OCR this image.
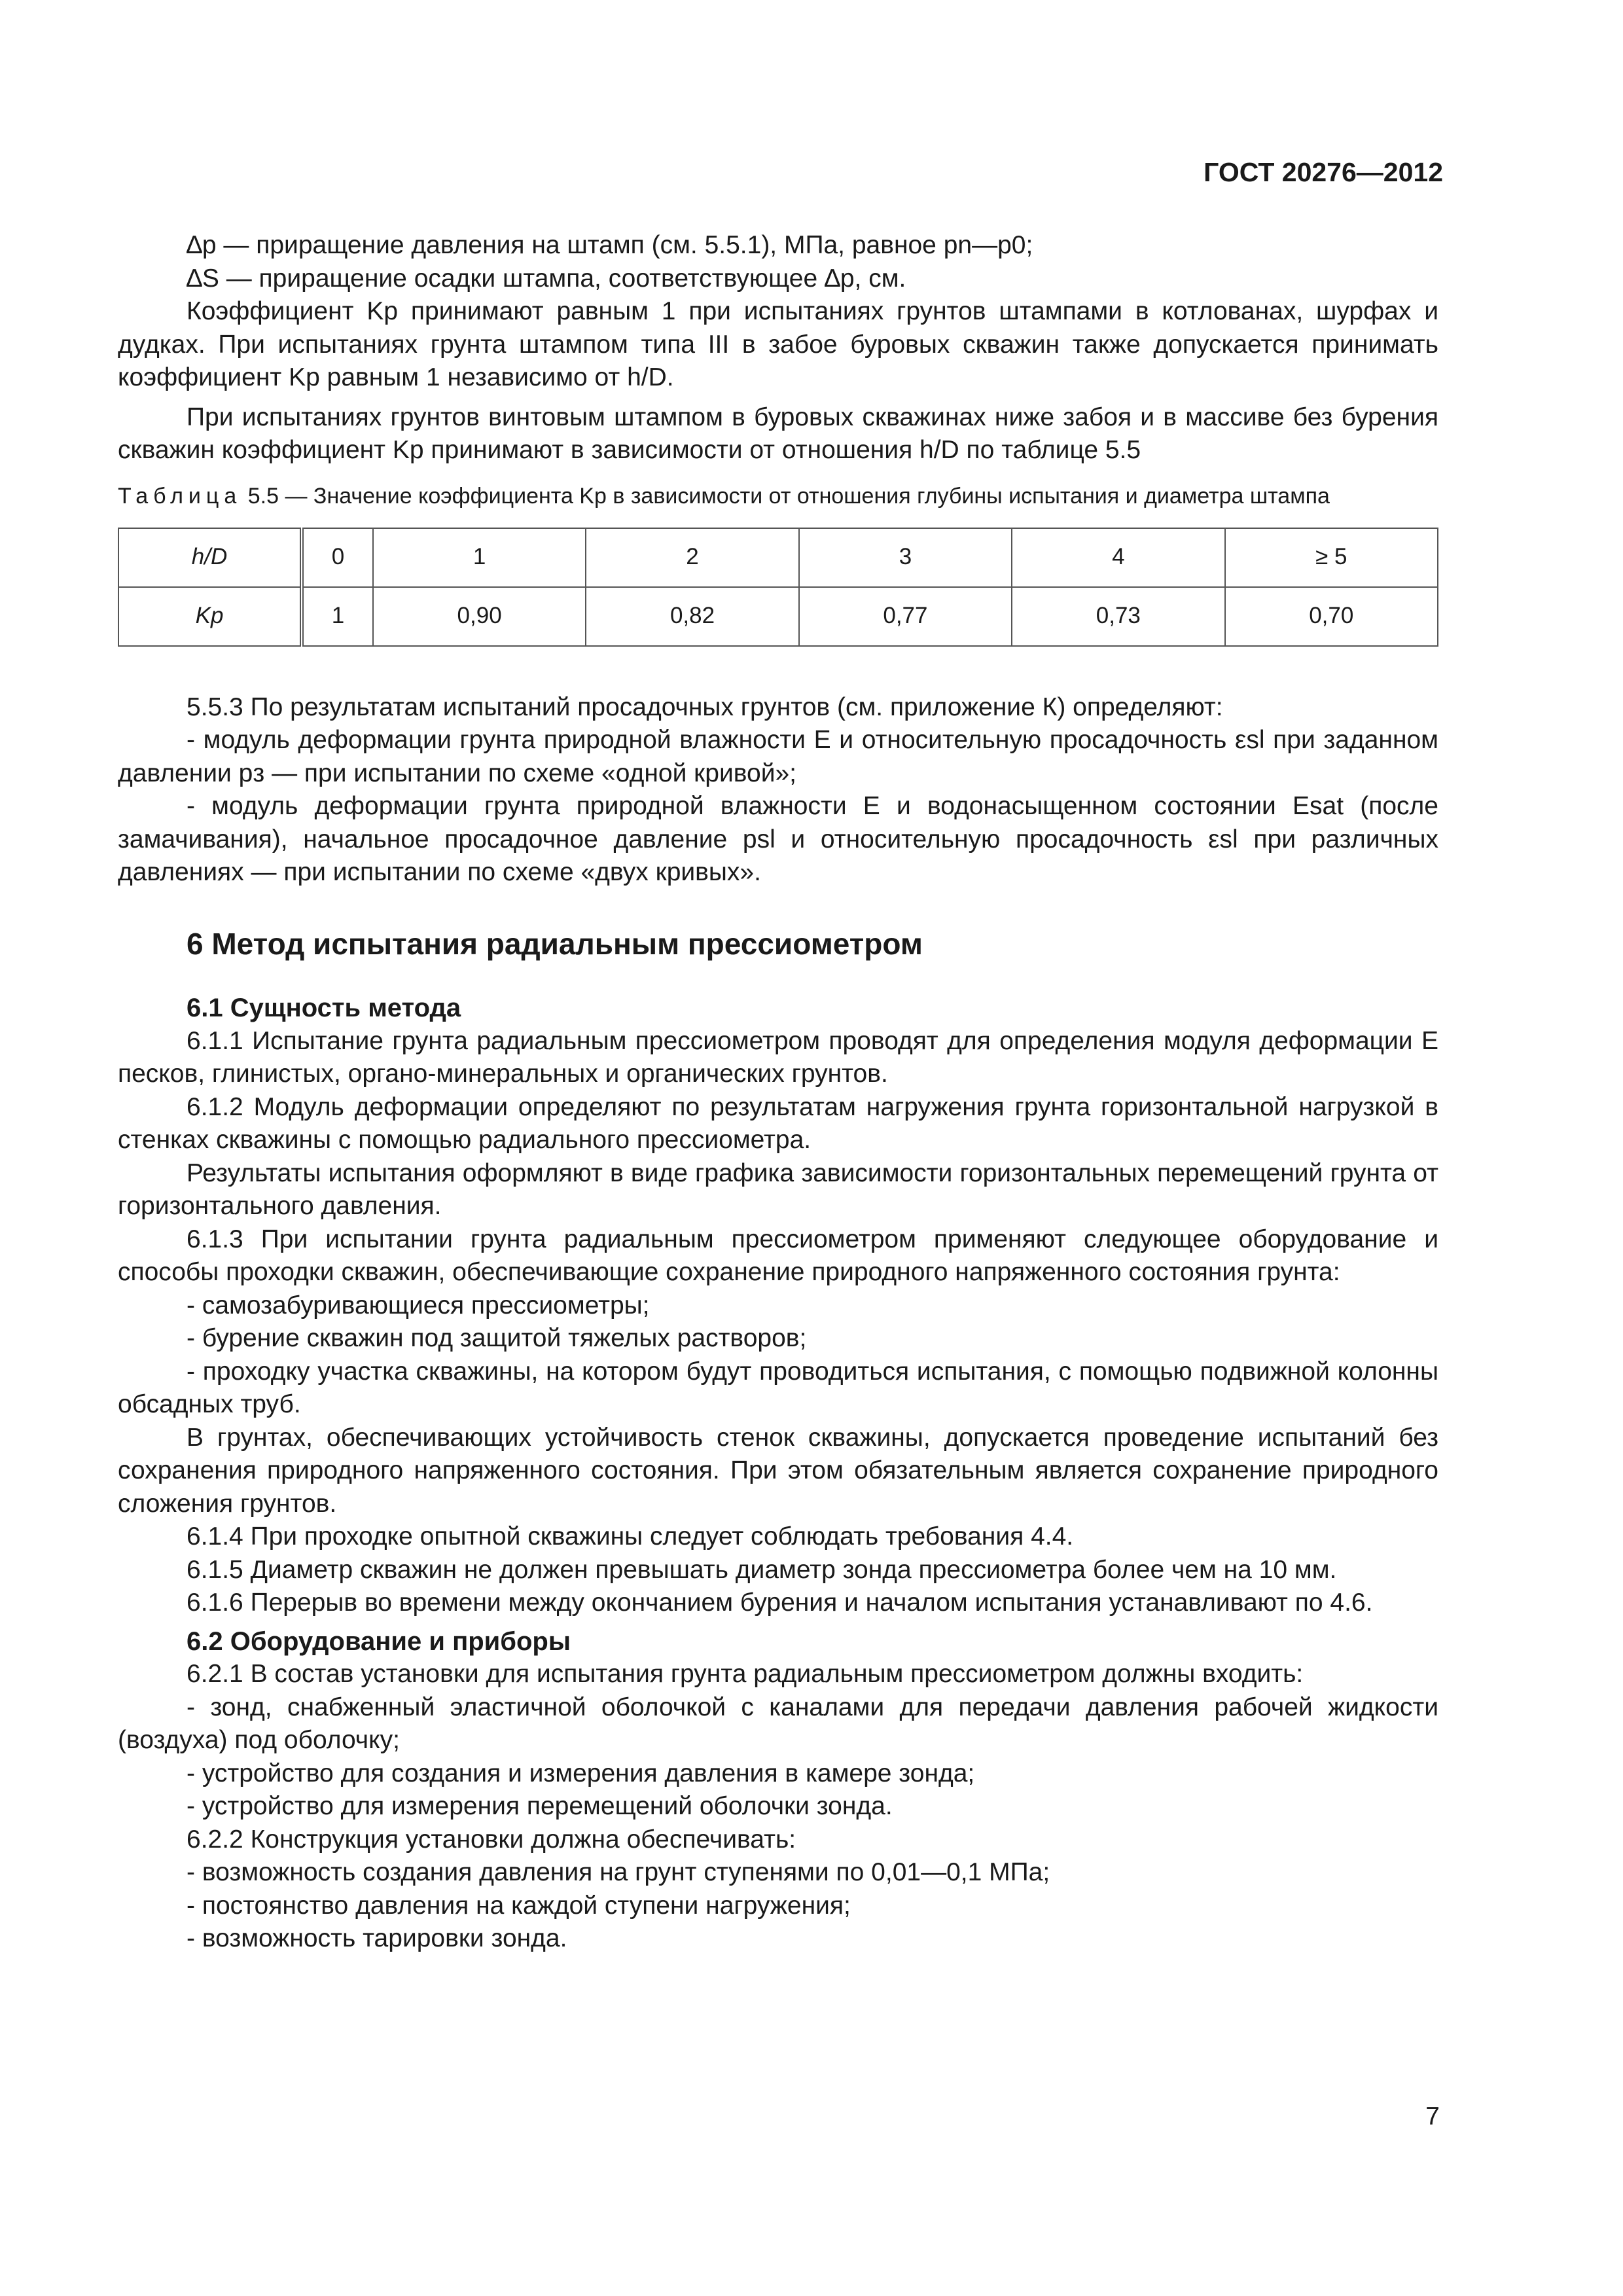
ГОСТ 20276—2012

∆p — приращение давления на штамп (см. 5.5.1), МПа, равное pn—p0;

∆S — приращение осадки штампа, соответствующее ∆p, см.

Коэффициент Kp принимают равным 1 при испытаниях грунтов штампами в котлованах, шурфах и дудках. При испытаниях грунта штампом типа III в забое буровых скважин также допускается принимать коэффициент Kp равным 1 независимо от h/D.

При испытаниях грунтов винтовым штампом в буровых скважинах ниже забоя и в массиве без бурения скважин коэффициент Kp принимают в зависимости от отношения h/D по таблице 5.5

Таблица 5.5 — Значение коэффициента Kp в зависимости от отношения глубины испытания и диаметра штампа
h/D	0	1	2	3	4	≥ 5
Kp	1	0,90	0,82	0,77	0,73	0,70

5.5.3 По результатам испытаний просадочных грунтов (см. приложение К) определяют:

- модуль деформации грунта природной влажности E и относительную просадочность εsl при заданном давлении pз — при испытании по схеме «одной кривой»;

- модуль деформации грунта природной влажности E и водонасыщенном состоянии Esat (после замачивания), начальное просадочное давление psl и относительную просадочность εsl при различных давлениях — при испытании по схеме «двух кривых».

6 Метод испытания радиальным прессиометром
6.1 Сущность метода

6.1.1 Испытание грунта радиальным прессиометром проводят для определения модуля деформации E песков, глинистых, органо-минеральных и органических грунтов.

6.1.2 Модуль деформации определяют по результатам нагружения грунта горизонтальной нагрузкой в стенках скважины с помощью радиального прессиометра.

Результаты испытания оформляют в виде графика зависимости горизонтальных перемещений грунта от горизонтального давления.

6.1.3 При испытании грунта радиальным прессиометром применяют следующее оборудование и способы проходки скважин, обеспечивающие сохранение природного напряженного состояния грунта:

- самозабуривающиеся прессиометры;

- бурение скважин под защитой тяжелых растворов;

- проходку участка скважины, на котором будут проводиться испытания, с помощью подвижной колонны обсадных труб.

В грунтах, обеспечивающих устойчивость стенок скважины, допускается проведение испытаний без сохранения природного напряженного состояния. При этом обязательным является сохранение природного сложения грунтов.

6.1.4 При проходке опытной скважины следует соблюдать требования 4.4.

6.1.5 Диаметр скважин не должен превышать диаметр зонда прессиометра более чем на 10 мм.

6.1.6 Перерыв во времени между окончанием бурения и началом испытания устанавливают по 4.6.

6.2 Оборудование и приборы

6.2.1 В состав установки для испытания грунта радиальным прессиометром должны входить:

- зонд, снабженный эластичной оболочкой с каналами для передачи давления рабочей жидкости (воздуха) под оболочку;

- устройство для создания и измерения давления в камере зонда;

- устройство для измерения перемещений оболочки зонда.

6.2.2 Конструкция установки должна обеспечивать:

- возможность создания давления на грунт ступенями по 0,01—0,1 МПа;

- постоянство давления на каждой ступени нагружения;

- возможность тарировки зонда.

7
